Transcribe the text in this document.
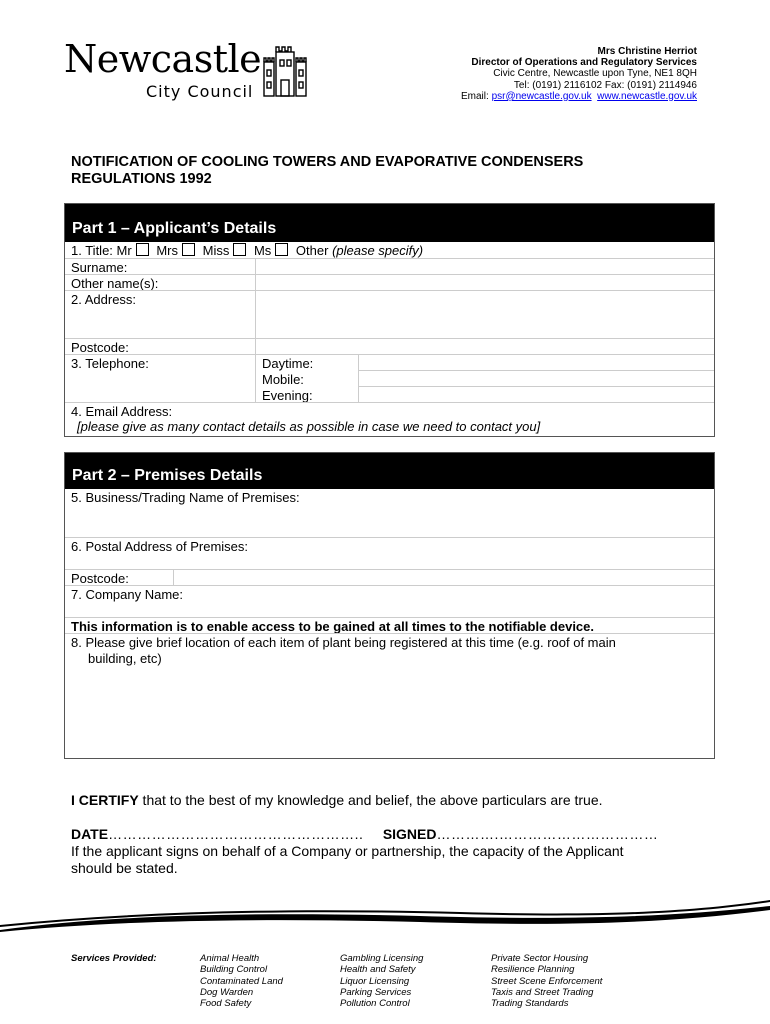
Newcastle
City Council
Mrs Christine Herriot
Director of Operations and Regulatory Services
Civic Centre, Newcastle upon Tyne, NE1 8QH
Tel: (0191) 2116102 Fax: (0191) 2114946
Email: psr@newcastle.gov.uk www.newcastle.gov.uk
NOTIFICATION OF COOLING TOWERS AND EVAPORATIVE CONDENSERS
REGULATIONS 1992
Part 1 – Applicant’s Details
1. Title: Mr Mrs Miss Ms Other (please specify)
Surname:
Other name(s):
2. Address:
Postcode:
3. Telephone:	Daytime:
Mobile:
Evening:
4. Email Address:
[please give as many contact details as possible in case we need to contact you]
Part 2 – Premises Details
5. Business/Trading Name of Premises:
6. Postal Address of Premises:
Postcode:
7. Company Name:
This information is to enable access to be gained at all times to the notifiable device.
8. Please give brief location of each item of plant being registered at this time (e.g. roof of main
building, etc)
I CERTIFY that to the best of my knowledge and belief, the above particulars are true.
DATE…………………………………………….. SIGNED………….……………………………
If the applicant signs on behalf of a Company or partnership, the capacity of the Applicant
should be stated.
Services Provided:	Animal Health
Building Control
Contaminated Land
Dog Warden
Food Safety
Gambling Licensing
Health and Safety
Liquor Licensing
Parking Services
Pollution Control
Private Sector Housing
Resilience Planning
Street Scene Enforcement
Taxis and Street Trading
Trading Standards
